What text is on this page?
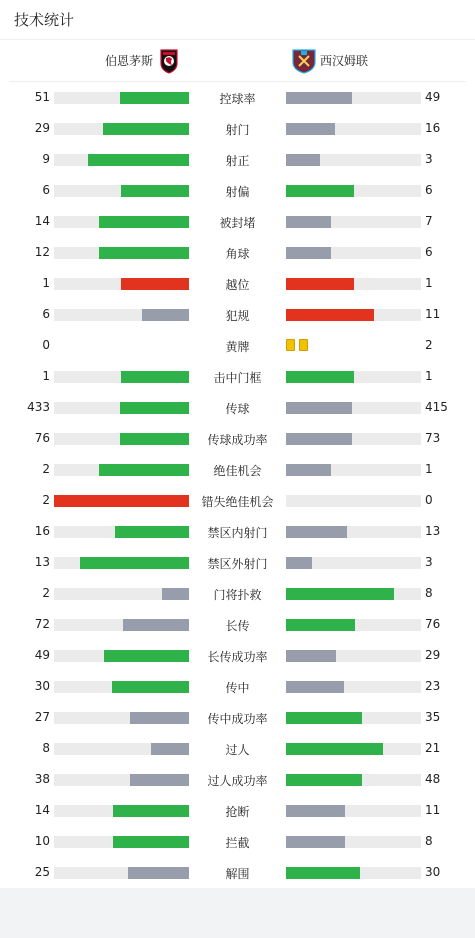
技术统计
伯恩茅斯	西汉姆联
51	控球率	49
29	射门	16
9	射正	3
6	射偏	6
14	被封堵	7
12	角球	6
1	越位	1
6	犯规	11
0	黄牌	2
1	击中门框	1
433	传球	415
76	传球成功率	73
2	绝佳机会	1
2	错失绝佳机会	0
16	禁区内射门	13
13	禁区外射门	3
2	门将扑救	8
72	长传	76
49	长传成功率	29
30	传中	23
27	传中成功率	35
8	过人	21
38	过人成功率	48
14	抢断	11
10	拦截	8
25	解围	30
